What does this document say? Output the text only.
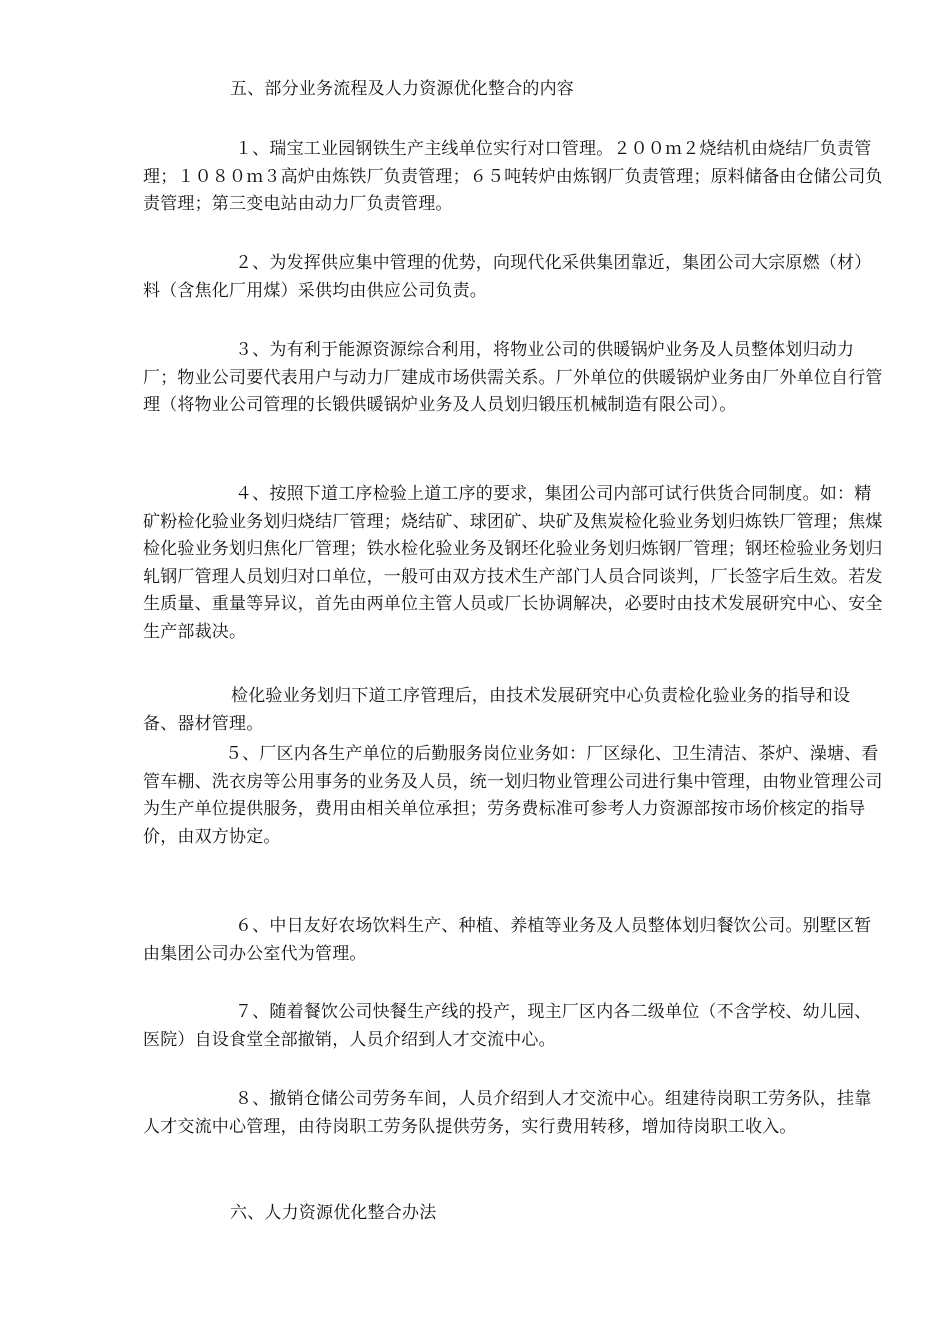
五、部分业务流程及人力资源优化整合的内容

１、瑞宝工业园钢铁生产主线单位实行对口管理。２００ｍ２烧结机由烧结厂负责管理；１０８０ｍ３高炉由炼铁厂负责管理；６５吨转炉由炼钢厂负责管理；原料储备由仓储公司负责管理；第三变电站由动力厂负责管理。

２、为发挥供应集中管理的优势，向现代化采供集团靠近，集团公司大宗原燃（材）料（含焦化厂用煤）采供均由供应公司负责。

３、为有利于能源资源综合利用，将物业公司的供暖锅炉业务及人员整体划归动力厂；物业公司要代表用户与动力厂建成市场供需关系。厂外单位的供暖锅炉业务由厂外单位自行管理（将物业公司管理的长锻供暖锅炉业务及人员划归锻压机械制造有限公司）。

４、按照下道工序检验上道工序的要求，集团公司内部可试行供货合同制度。如：精矿粉检化验业务划归烧结厂管理；烧结矿、球团矿、块矿及焦炭检化验业务划归炼铁厂管理；焦煤检化验业务划归焦化厂管理；铁水检化验业务及钢坯化验业务划归炼钢厂管理；钢坯检验业务划归轧钢厂管理人员划归对口单位，一般可由双方技术生产部门人员合同谈判，厂长签字后生效。若发生质量、重量等异议，首先由两单位主管人员或厂长协调解决，必要时由技术发展研究中心、安全生产部裁决。

检化验业务划归下道工序管理后，由技术发展研究中心负责检化验业务的指导和设备、器材管理。

５、厂区内各生产单位的后勤服务岗位业务如：厂区绿化、卫生清洁、茶炉、澡塘、看管车棚、洗衣房等公用事务的业务及人员，统一划归物业管理公司进行集中管理，由物业管理公司为生产单位提供服务，费用由相关单位承担；劳务费标准可参考人力资源部按市场价核定的指导价，由双方协定。

６、中日友好农场饮料生产、种植、养植等业务及人员整体划归餐饮公司。别墅区暂由集团公司办公室代为管理。

７、随着餐饮公司快餐生产线的投产，现主厂区内各二级单位（不含学校、幼儿园、医院）自设食堂全部撤销，人员介绍到人才交流中心。

８、撤销仓储公司劳务车间，人员介绍到人才交流中心。组建待岗职工劳务队，挂靠人才交流中心管理，由待岗职工劳务队提供劳务，实行费用转移，增加待岗职工收入。

六、人力资源优化整合办法
